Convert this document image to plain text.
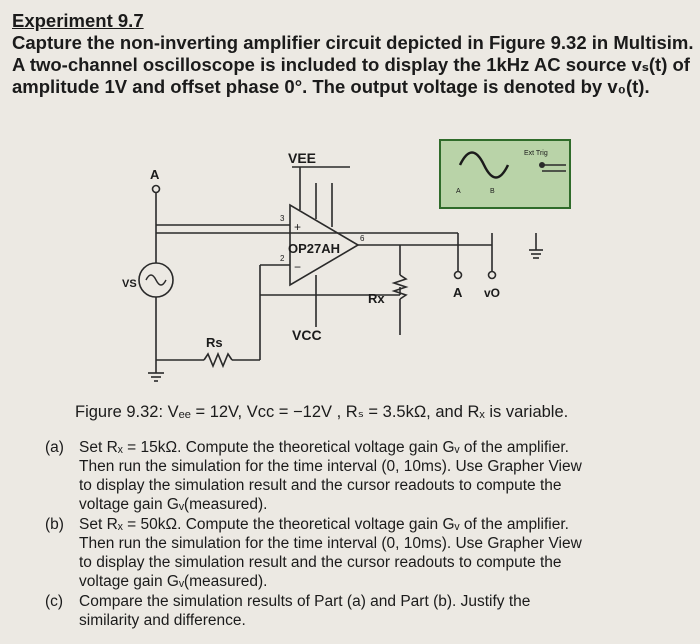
Experiment 9.7
Capture the non-inverting amplifier circuit depicted in Figure 9.32 in Multisim.
A two-channel oscilloscope is included to display the 1kHz AC source vₛ(t) of
amplitude 1V and offset phase 0°. The output voltage is denoted by v₀(t).
VEE
VCC
OP27AH
+
−
3
2
6
A
VS
Rs
Rx	A vO
Ext Trig
A	B
Figure 9.32: Vₑₑ = 12V, Vcc = −12V , Rₛ = 3.5kΩ, and Rₓ is variable.
(a) Set Rₓ = 15kΩ. Compute the theoretical voltage gain Gᵥ of the amplifier.
Then run the simulation for the time interval (0, 10ms). Use Grapher View
to display the simulation result and the cursor readouts to compute the
voltage gain Gᵥ(measured).
(b) Set Rₓ = 50kΩ. Compute the theoretical voltage gain Gᵥ of the amplifier.
Then run the simulation for the time interval (0, 10ms). Use Grapher View
to display the simulation result and the cursor readouts to compute the
voltage gain Gᵥ(measured).
(c) Compare the simulation results of Part (a) and Part (b). Justify the
similarity and difference.
